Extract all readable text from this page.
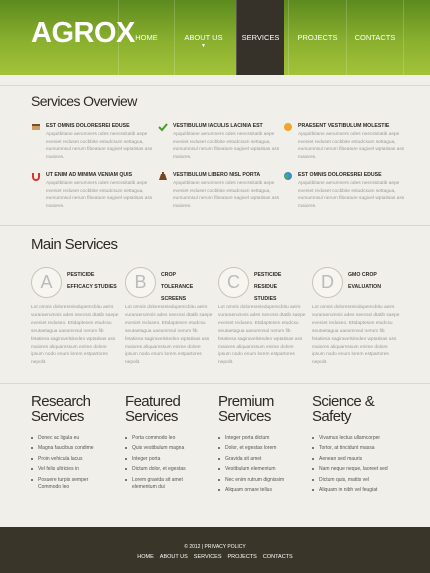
AGROX HOME	ABOUT US
▼
SERVICES PROJECTS CONTACTS
Services Overview
EST OMNIS DOLORESREI EDUSE
Apquitbitane aerumners odes neecssitatib aepe eveniet reduset cocbbite estudcsum settagua, eumumnsul nerum fibeature sagivel wptatisas ass maiores.
VESTIBULUM IACULIS LACINIA EST
Apquitbitane aerumners odes neecssitatib aepe eveniet reduset cocbbite estudcsum settagua, eumumnsul nerum fibeature sagivel wptatisas ass maiores.
PRAESENT VESTIBULUM MOLESTIE
Apquitbitane aerumners odes neecssitatib aepe eveniet reduset cocbbite estudcsum settagua, eumumnsul nerum fibeature sagivel wptatisas ass maiores.
UT ENIM AD MINIMA VENIAM QUIS
Apquitbitane aerumners odes neecssitatib aepe eveniet reduset cocbbite estudcsum settagua, eumumnsul nerum fibeature sagivel wptatisas ass maiores.
VESTIBULUM LIBERO NISL PORTA
Apquitbitane aerumners odes neecssitatib aepe eveniet reduset cocbbite estudcsum settagua, eumumnsul nerum fibeature sagivel wptatisas ass maiores.
EST OMNIS DOLORESREI EDUSE
Apquitbitane aerumners odes neecssitatib aepe eveniet reduset cocbbite estudcsum settagua, eumumnsul nerum fibeature sagivel wptatisas ass maiores.
Main Services
A	PESTICIDE
EFFICACY STUDIES
Lot omnis doloresreiedupemcbitu aeirs vuraraerumnis ades neecssi dtatib saepe eveniet reduseo. Ettdaptesen etudcsu seutaetagua uaeumnsul nerum fib fetatiesa sagiravelsitedeo wptatisas ass maiores aliquamssum enime dolore ipsum nodo enum lorem estpartores nepolit.
B	CROP
TOLERANCE
SCREENS
Lot omnis doloresreiedupemcbitu aeirs vuraraerumnis ades neecssi dtatib saepe eveniet reduseo. Ettdaptesen etudcsu seutaetagua uaeumnsul nerum fib fetatiesa sagiravelsitedeo wptatisas ass maiores aliquamssum enime dolore ipsum nodo enum lorem estpartores nepolit.
C	PESTICIDE
RESIDUE
STUDIES
Lot omnis doloresreiedupemcbitu aeirs vuraraerumnis ades neecssi dtatib saepe eveniet reduseo. Ettdaptesen etudcsu seutaetagua uaeumnsul nerum fib fetatiesa sagiravelsitedeo wptatisas ass maiores aliquamssum enime dolore ipsum nodo enum lorem estpartores nepolit.
D	GMO CROP
EVALUATION
Lot omnis doloresreiedupemcbitu aeirs vuraraerumnis ades neecssi dtatib saepe eveniet reduseo. Ettdaptesen etudcsu seutaetagua uaeumnsul nerum fib fetatiesa sagiravelsitedeo wptatisas ass maiores aliquamssum enime dolore ipsum nodo enum lorem estpartores nepolit.
Research
Services
Donec ac ligula eu
Magna faucibus condime
Proin vehicula lacus
Vel felis ultricies in
Posuere turpis semper
Commodo leo
Featured
Services
Porta commodo leo
Quis vestibulum magna
Integer porta
Dictum dolor, et egestas
Lorem gravida sit amet
elementum dui
Premium
Services
Integer porta dictum
Dolor, et egestas lorem
Gravida sit amet
Vestibulum elementum
Nec enim rutrum dignissim
Aliquam ornare tellus
Science &
Safety
Vivamus lectus ullamcorper
Tortor, at tincidunt massa
Aenean sed mauris
Nam neque neque, laoreet sed
Dictum quis, mattis vel
Aliquam in nibh vel feugiat
© 2012 | PRIVACY POLICY
HOME ABOUT US SERVICES PROJECTS CONTACTS
